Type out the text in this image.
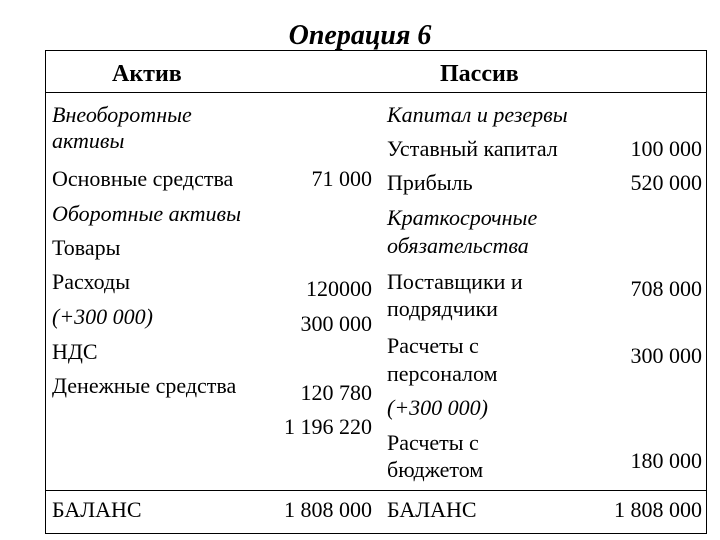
Операция 6
Актив	Пассив
Внеоборотные
активы
Основные средства
Оборотные активы
Товары
Расходы
(+300 000)
НДС
Денежные средства
БАЛАНС
71 000
120000
300 000
120 780
1 196 220
1 808 000
Капитал и резервы
Уставный капитал
Прибыль
Краткосрочные
обязательства
Поставщики и
подрядчики
Расчеты с
персоналом
(+300 000)
Расчеты с
бюджетом
БАЛАНС
100 000
520 000
708 000
300 000
180 000
1 808 000
